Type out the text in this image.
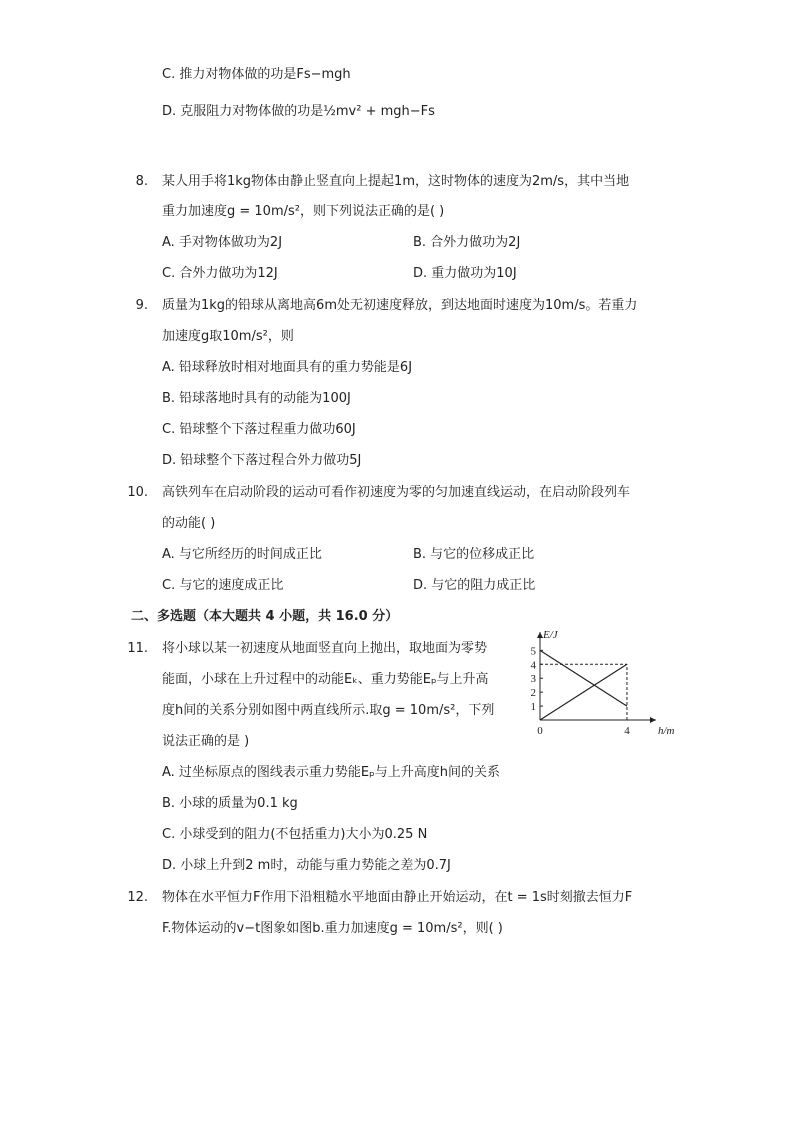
C. 推力对物体做的功是Fs−mgh
D. 克服阻力对物体做的功是½mv² + mgh−Fs
8. 某人用手将1kg物体由静止竖直向上提起1m，这时物体的速度为2m/s，其中当地
重力加速度g = 10m/s²，则下列说法正确的是( )
A. 手对物体做功为2J	B. 合外力做功为2J
C. 合外力做功为12J	D. 重力做功为10J
9. 质量为1kg的铅球从离地高6m处无初速度释放，到达地面时速度为10m/s。若重力
加速度g取10m/s²，则
A. 铅球释放时相对地面具有的重力势能是6J
B. 铅球落地时具有的动能为100J
C. 铅球整个下落过程重力做功60J
D. 铅球整个下落过程合外力做功5J
10. 高铁列车在启动阶段的运动可看作初速度为零的匀加速直线运动，在启动阶段列车
的动能( )
A. 与它所经历的时间成正比	B. 与它的位移成正比
C. 与它的速度成正比	D. 与它的阻力成正比
二、多选题（本大题共 4 小题，共 16.0 分）
11. 将小球以某一初速度从地面竖直向上抛出，取地面为零势
能面，小球在上升过程中的动能Eₖ、重力势能Eₚ与上升高
度h间的关系分别如图中两直线所示.取g = 10m/s²，下列
说法正确的是 )
1
2
3
4
5
0	4
E/J
h/m
A. 过坐标原点的图线表示重力势能Eₚ与上升高度h间的关系
B. 小球的质量为0.1 kg
C. 小球受到的阻力(不包括重力)大小为0.25 N
D. 小球上升到2 m时，动能与重力势能之差为0.7J
12. 物体在水平恒力F作用下沿粗糙水平地面由静止开始运动，在t = 1s时刻撤去恒力F
F.物体运动的v−t图象如图b.重力加速度g = 10m/s²，则( )
